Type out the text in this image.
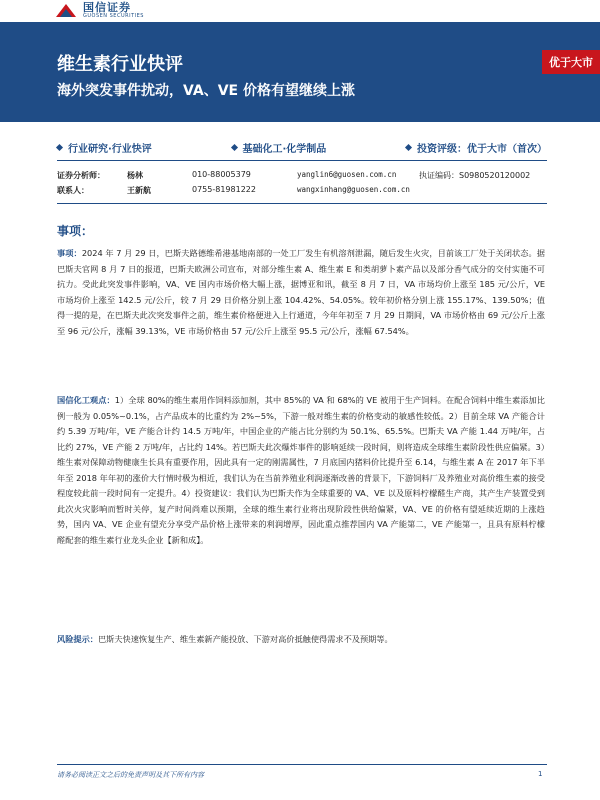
国信证券
GUOSEN SECURITIES
维生素行业快评
海外突发事件扰动，VA、VE 价格有望继续上涨
优于大市
行业研究·行业快评	基础化工·化学制品	投资评级：优于大市（首次）
证券分析师：	杨林	010-88005379	yanglin6@guosen.com.cn	执证编码：S0980520120002
联系人：	王新航	0755-81981222	wangxinhang@guosen.com.cn
事项：
事项：2024 年 7 月 29 日，巴斯夫路德维希港基地南部的一处工厂发生有机溶剂泄漏，随后发生火灾，目前该工厂处于关闭状态。据巴斯夫官网 8 月 7 日的报道，巴斯夫欧洲公司宣布，对部分维生素 A、维生素 E 和类胡萝卜素产品以及部分香气成分的交付实施不可抗力。受此此突发事件影响，VA、VE 国内市场价格大幅上涨，据博亚和讯，截至 8 月 7 日，VA 市场均价上涨至 185 元/公斤，VE 市场均价上涨至 142.5 元/公斤，较 7 月 29 日价格分别上涨 104.42%、54.05%。较年初价格分别上涨 155.17%、139.50%；值得一提的是，在巴斯夫此次突发事件之前，维生素价格便进入上行通道，今年年初至 7 月 29 日期间，VA 市场价格由 69 元/公斤上涨至 96 元/公斤，涨幅 39.13%，VE 市场价格由 57 元/公斤上涨至 95.5 元/公斤，涨幅 67.54%。
国信化工观点：1）全球 80%的维生素用作饲料添加剂，其中 85%的 VA 和 68%的 VE 被用于生产饲料。在配合饲料中维生素添加比例一般为 0.05%~0.1%，占产品成本的比重约为 2%~5%，下游一般对维生素的价格变动的敏感性较低。2）目前全球 VA 产能合计约 5.39 万吨/年，VE 产能合计约 14.5 万吨/年，中国企业的产能占比分别约为 50.1%、65.5%。巴斯夫 VA 产能 1.44 万吨/年，占比约 27%，VE 产能 2 万吨/年，占比约 14%。若巴斯夫此次爆炸事件的影响延续一段时间，则将造成全球维生素阶段性供应偏紧。3）维生素对保障动物健康生长具有重要作用，因此具有一定的刚需属性，7 月底国内猪料价比提升至 6.14，与维生素 A 在 2017 年下半年至 2018 年年初的涨价大行情时极为相近，我们认为在当前养殖业利润逐渐改善的背景下，下游饲料厂及养殖业对高价维生素的接受程度较此前一段时间有一定提升。4）投资建议：我们认为巴斯夫作为全球重要的 VA、VE 以及原料柠檬醛生产商，其产生产装置受到此次火灾影响而暂时关停，复产时间尚难以预期，全球的维生素行业将出现阶段性供给偏紧，VA、VE 的价格有望延续近期的上涨趋势，国内 VA、VE 企业有望充分享受产品价格上涨带来的利润增厚，因此重点推荐国内 VA 产能第二，VE 产能第一，且具有原料柠檬醛配套的维生素行业龙头企业【新和成】。
风险提示：巴斯夫快速恢复生产、维生素新产能投放、下游对高价抵触使得需求不及预期等。
请务必阅读正文之后的免责声明及其下所有内容	1
